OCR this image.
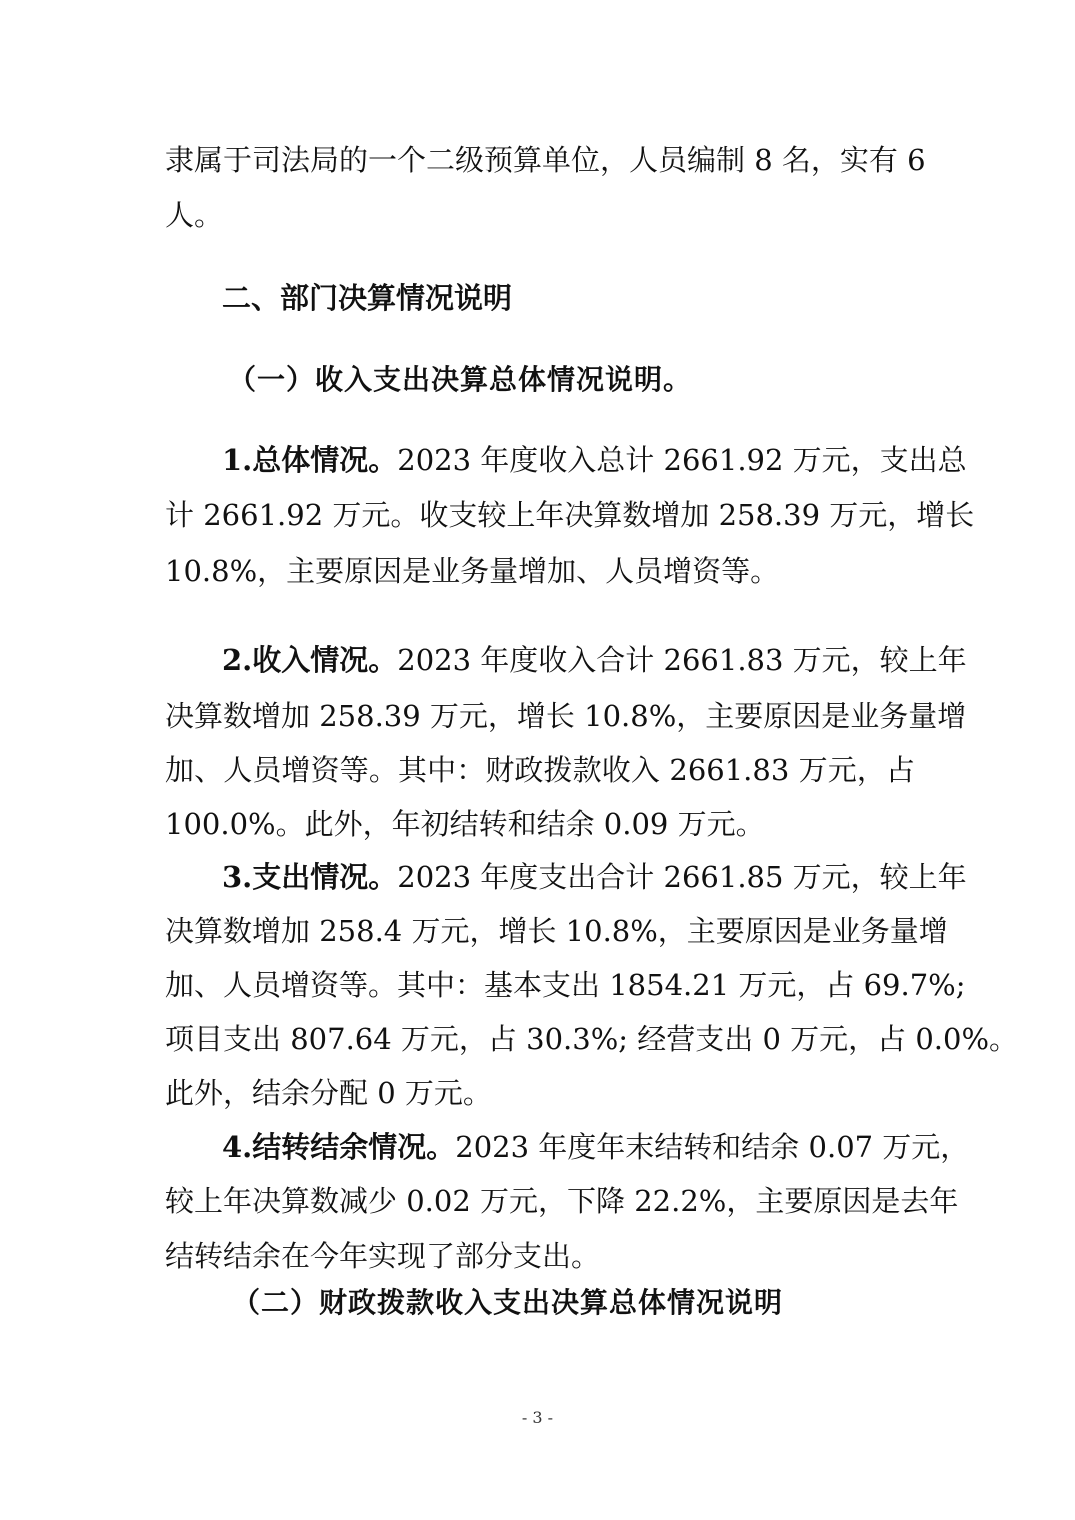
隶属于司法局的一个二级预算单位，人员编制 8 名，实有 6
人。
二、部门决算情况说明
（一）收入支出决算总体情况说明。
1.总体情况。2023 年度收入总计 2661.92 万元，支出总
计 2661.92 万元。收支较上年决算数增加 258.39 万元，增长
10.8%，主要原因是业务量增加、人员增资等。
2.收入情况。2023 年度收入合计 2661.83 万元，较上年
决算数增加 258.39 万元，增长 10.8%，主要原因是业务量增
加、人员增资等。其中：财政拨款收入 2661.83 万元，占
100.0%。此外，年初结转和结余 0.09 万元。
3.支出情况。2023 年度支出合计 2661.85 万元，较上年
决算数增加 258.4 万元，增长 10.8%，主要原因是业务量增
加、人员增资等。其中：基本支出 1854.21 万元，占 69.7%;
项目支出 807.64 万元，占 30.3%; 经营支出 0 万元，占 0.0%。
此外，结余分配 0 万元。
4.结转结余情况。2023 年度年末结转和结余 0.07 万元，
较上年决算数减少 0.02 万元，下降 22.2%，主要原因是去年
结转结余在今年实现了部分支出。
（二）财政拨款收入支出决算总体情况说明
- 3 -
